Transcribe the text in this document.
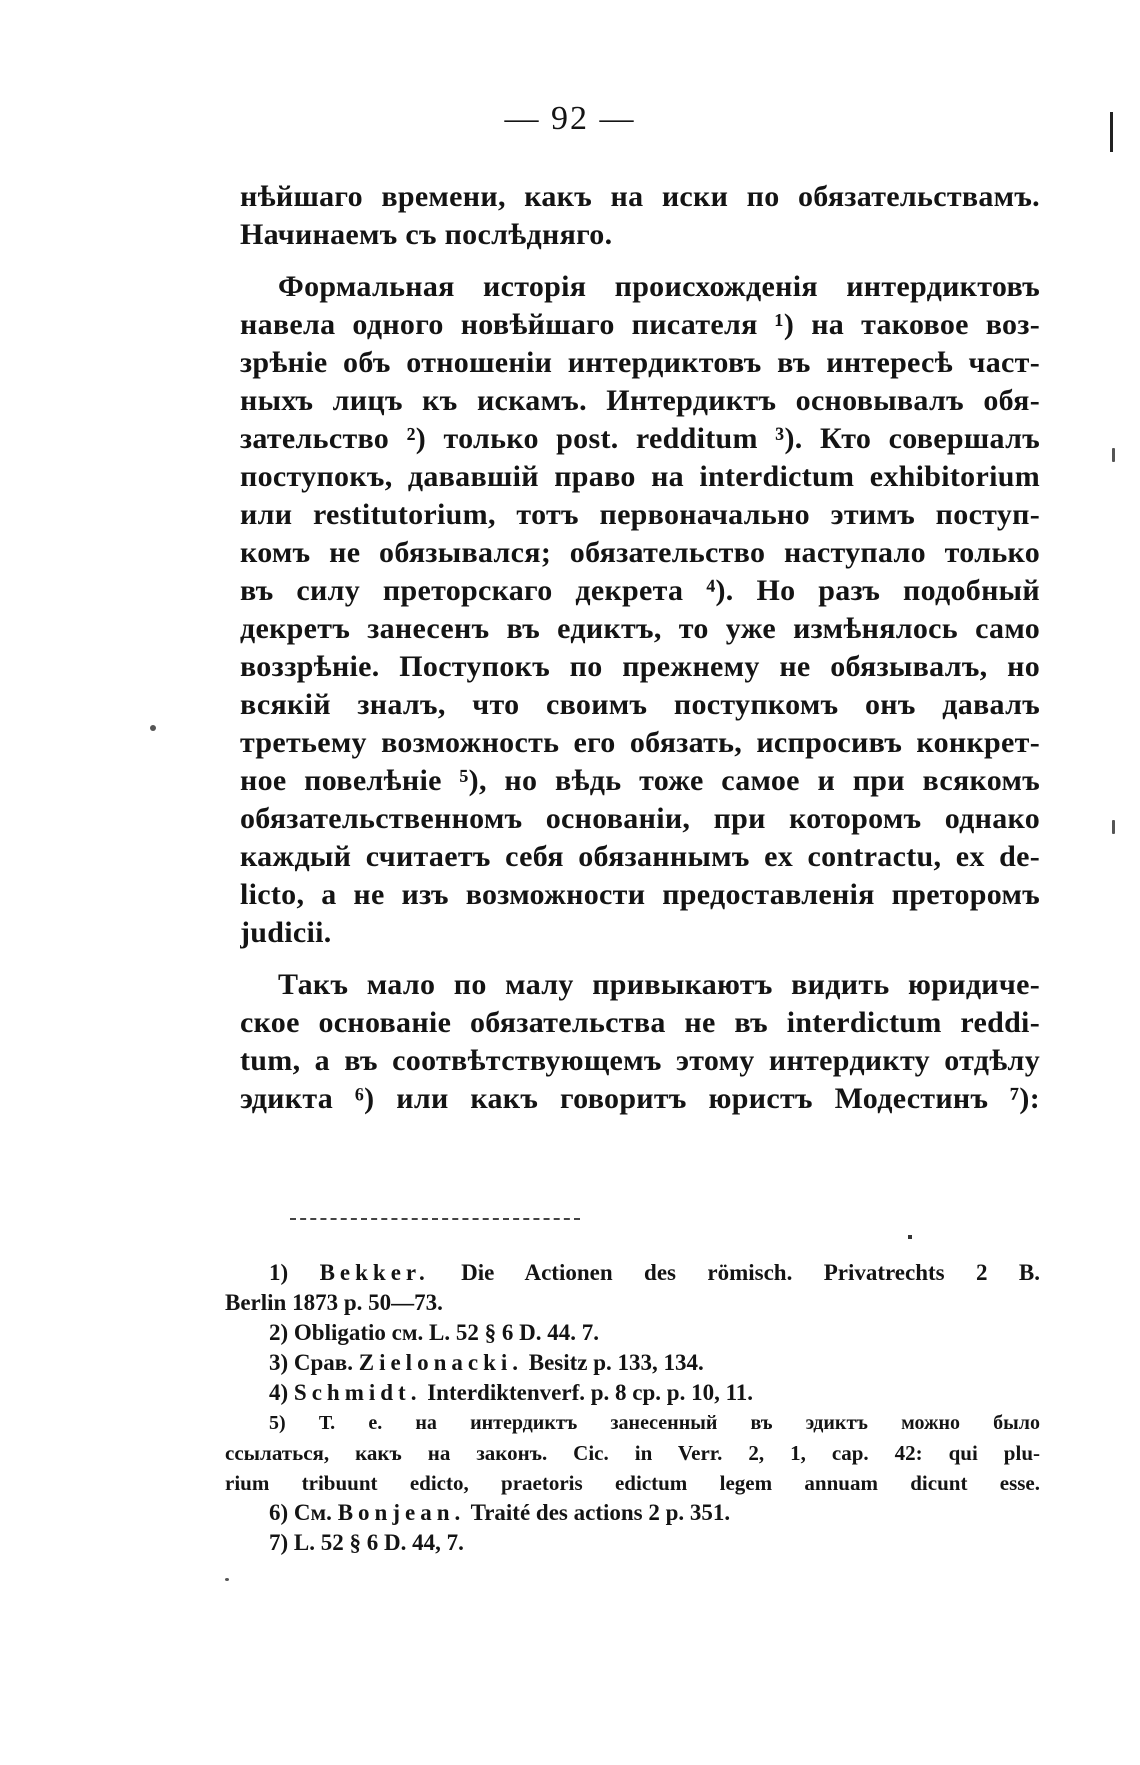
— 92 —
нѣйшаго времени, какъ на иски по обязательствамъ.
Начинаемъ съ послѣдняго.
Формальная исторія происхожденія интердиктовъ
навела одного новѣйшаго писателя ¹) на таковое воз-
зрѣніе объ отношеніи интердиктовъ въ интересѣ част-
ныхъ лицъ къ искамъ. Интердиктъ основывалъ обя-
зательство ²) только post. redditum ³). Кто совершалъ
поступокъ, дававшій право на interdictum exhibitorium
или restitutorium, тотъ первоначально этимъ поступ-
комъ не обязывался; обязательство наступало только
въ силу преторскаго декрета ⁴). Но разъ подобный
декретъ занесенъ въ едиктъ, то уже измѣнялось само
воззрѣніе. Поступокъ по прежнему не обязывалъ, но
всякій зналъ, что своимъ поступкомъ онъ давалъ
третьему возможность его обязать, испросивъ конкрет-
ное повелѣніе ⁵), но вѣдь тоже самое и при всякомъ
обязательственномъ основаніи, при которомъ однако
каждый считаетъ себя обязаннымъ ex contractu, ex de-
licto, а не изъ возможности предоставленія преторомъ
judicii.
Такъ мало по малу привыкаютъ видить юридиче-
ское основаніе обязательства не въ interdictum reddi-
tum, а въ соотвѣтствующемъ этому интердикту отдѣлу
эдикта ⁶) или какъ говоритъ юристъ Модестинъ ⁷):
1) Bekker. Die Actionen des römisch. Privatrechts 2 B.
Berlin 1873 p. 50—73.
2) Obligatio см. L. 52 § 6 D. 44. 7.
3) Срав. Zielonacki. Besitz p. 133, 134.
4) Schmidt. Interdiktenverf. p. 8 cp. p. 10, 11.
5) Т. е. на интердиктъ занесенный въ эдиктъ можно было
ссылаться, какъ на законъ. Cic. in Verr. 2, 1, cap. 42: qui plu-
rium tribuunt edicto, praetoris edictum legem annuam dicunt esse.
6) См. Bonjean. Traité des actions 2 p. 351.
7) L. 52 § 6 D. 44, 7.
